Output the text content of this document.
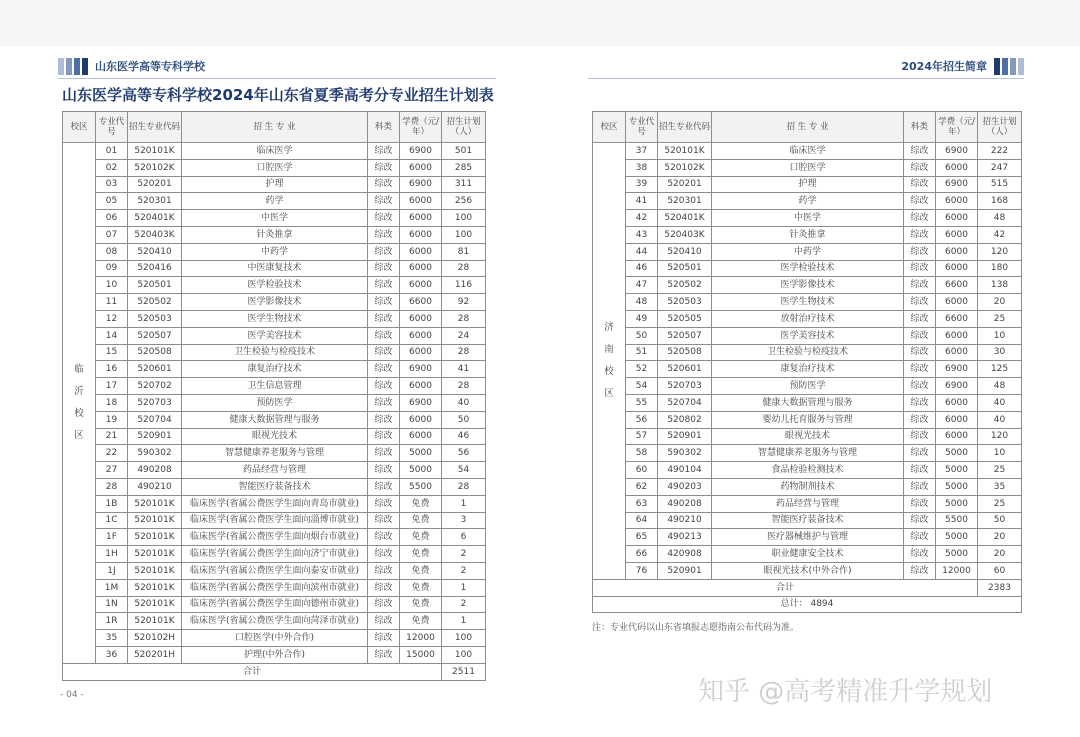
山东医学高等专科学校	2024年招生简章
山东医学高等专科学校2024年山东省夏季高考分专业招生计划表
校区	专业代号	招生专业代码	招 生 专 业	科类	学费（元/年）	招生计划（人）

临
沂
校
区	01	520101K	临床医学	综改	6900	501
	02	520102K	口腔医学	综改	6000	285
	03	520201	护理	综改	6900	311
	05	520301	药学	综改	6000	256
	06	520401K	中医学	综改	6000	100
	07	520403K	针灸推拿	综改	6000	100
	08	520410	中药学	综改	6000	81
	09	520416	中医康复技术	综改	6000	28
	10	520501	医学检验技术	综改	6000	116
	11	520502	医学影像技术	综改	6600	92
	12	520503	医学生物技术	综改	6000	28
	14	520507	医学美容技术	综改	6000	24
	15	520508	卫生检验与检疫技术	综改	6000	28
	16	520601	康复治疗技术	综改	6900	41
	17	520702	卫生信息管理	综改	6000	28
	18	520703	预防医学	综改	6900	40
	19	520704	健康大数据管理与服务	综改	6000	50
	21	520901	眼视光技术	综改	6000	46
	22	590302	智慧健康养老服务与管理	综改	5000	56
	27	490208	药品经营与管理	综改	5000	54
	28	490210	智能医疗装备技术	综改	5500	28
	1B	520101K	临床医学(省属公费医学生面向青岛市就业)	综改	免费	1
	1C	520101K	临床医学(省属公费医学生面向淄博市就业)	综改	免费	3
	1F	520101K	临床医学(省属公费医学生面向烟台市就业)	综改	免费	6
	1H	520101K	临床医学(省属公费医学生面向济宁市就业)	综改	免费	2
	1J	520101K	临床医学(省属公费医学生面向泰安市就业)	综改	免费	2
	1M	520101K	临床医学(省属公费医学生面向滨州市就业)	综改	免费	1
	1N	520101K	临床医学(省属公费医学生面向德州市就业)	综改	免费	2
	1R	520101K	临床医学(省属公费医学生面向菏泽市就业)	综改	免费	1
	35	520102H	口腔医学(中外合作)	综改	12000	100
	36	520201H	护理(中外合作)	综改	15000	100
合计						2511
校区	专业代号	招生专业代码	招 生 专 业	科类	学费（元/年）	招生计划（人）

济
南
校
区	37	520101K	临床医学	综改	6900	222
	38	520102K	口腔医学	综改	6000	247
	39	520201	护理	综改	6900	515
	41	520301	药学	综改	6000	168
	42	520401K	中医学	综改	6000	48
	43	520403K	针灸推拿	综改	6000	42
	44	520410	中药学	综改	6000	120
	46	520501	医学检验技术	综改	6000	180
	47	520502	医学影像技术	综改	6600	138
	48	520503	医学生物技术	综改	6000	20
	49	520505	放射治疗技术	综改	6600	25
	50	520507	医学美容技术	综改	6000	10
	51	520508	卫生检验与检疫技术	综改	6000	30
	52	520601	康复治疗技术	综改	6900	125
	54	520703	预防医学	综改	6900	48
	55	520704	健康大数据管理与服务	综改	6000	40
	56	520802	婴幼儿托育服务与管理	综改	6000	40
	57	520901	眼视光技术	综改	6000	120
	58	590302	智慧健康养老服务与管理	综改	5000	10
	60	490104	食品检验检测技术	综改	5000	25
	62	490203	药物制剂技术	综改	5000	35
	63	490208	药品经营与管理	综改	5000	25
	64	490210	智能医疗装备技术	综改	5500	50
	65	490213	医疗器械维护与管理	综改	5000	20
	66	420908	职业健康安全技术	综改	5000	20
	76	520901	眼视光技术(中外合作)	综改	12000	60
合计						2383
总计： 4894						
注：专业代码以山东省填报志愿指南公布代码为准。
- 04 -	知乎 @高考精准升学规划
